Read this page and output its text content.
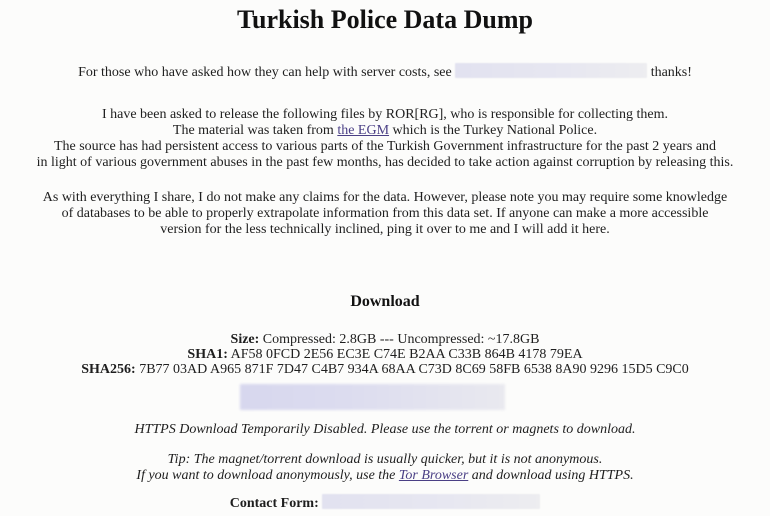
Turkish Police Data Dump
For those who have asked how they can help with server costs, see	thanks!
I have been asked to release the following files by ROR[RG], who is responsible for collecting them.
The material was taken from the EGM which is the Turkey National Police.
The source has had persistent access to various parts of the Turkish Government infrastructure for the past 2 years and
in light of various government abuses in the past few months, has decided to take action against corruption by releasing this.
As with everything I share, I do not make any claims for the data. However, please note you may require some knowledge
of databases to be able to properly extrapolate information from this data set. If anyone can make a more accessible
version for the less technically inclined, ping it over to me and I will add it here.
Download
Size: Compressed: 2.8GB --- Uncompressed: ~17.8GB
SHA1: AF58 0FCD 2E56 EC3E C74E B2AA C33B 864B 4178 79EA
SHA256: 7B77 03AD A965 871F 7D47 C4B7 934A 68AA C73D 8C69 58FB 6538 8A90 9296 15D5 C9C0
HTTPS Download Temporarily Disabled. Please use the torrent or magnets to download.
Tip: The magnet/torrent download is usually quicker, but it is not anonymous.
If you want to download anonymously, use the Tor Browser and download using HTTPS.
Contact Form:
